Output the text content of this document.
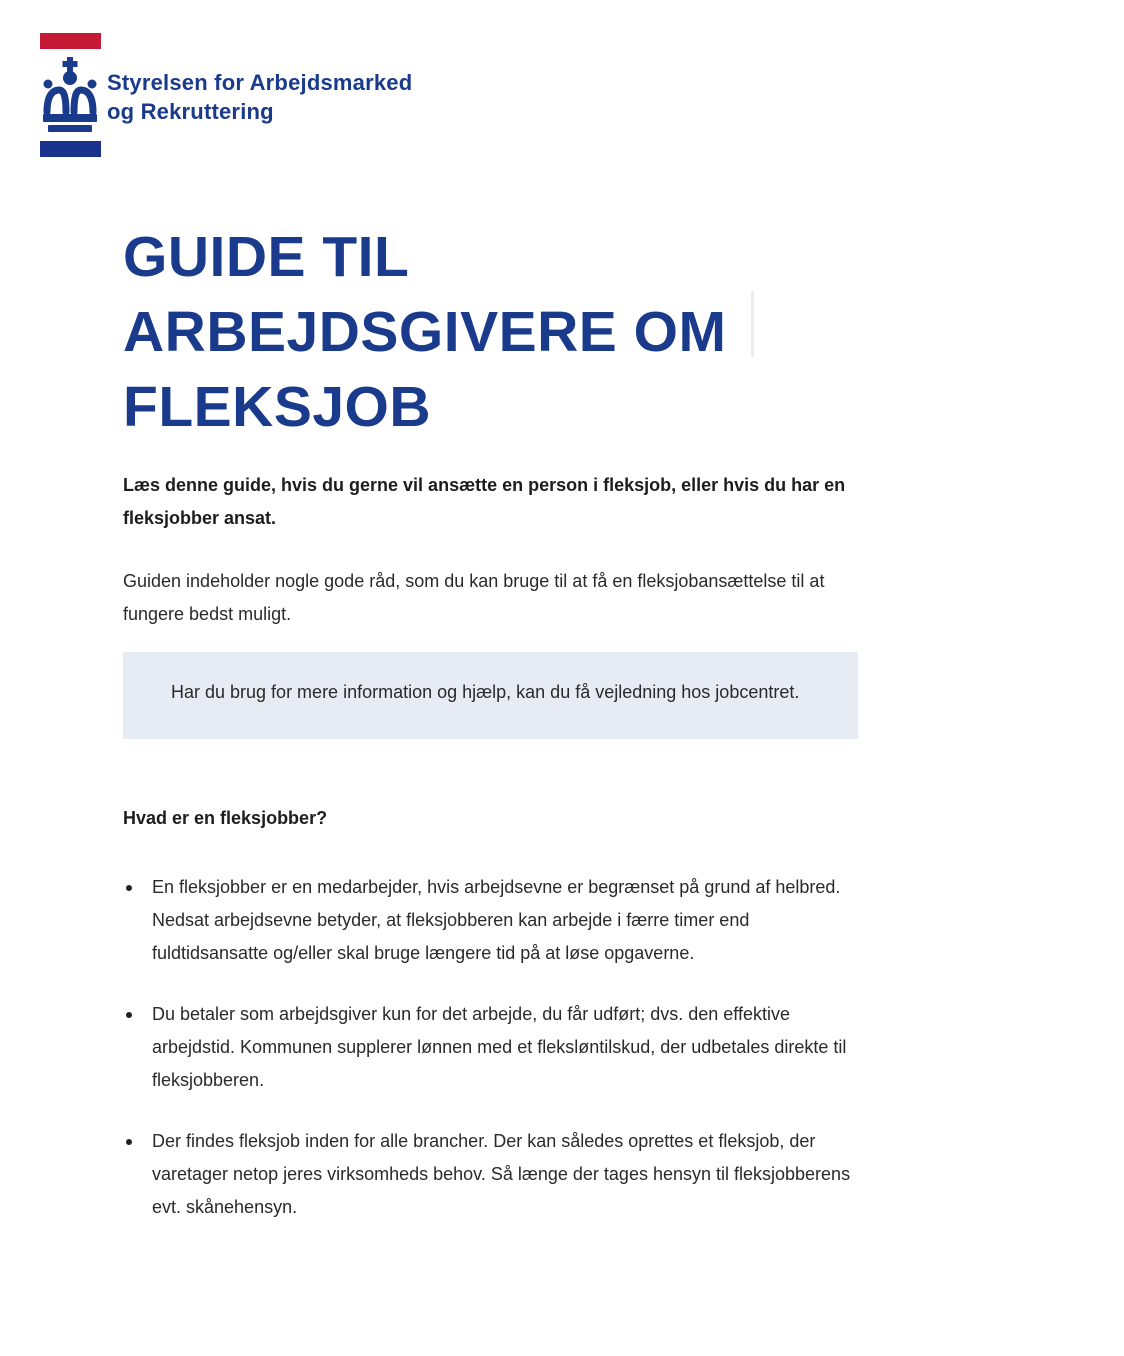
Styrelsen for Arbejdsmarked
og Rekruttering
GUIDE TIL
ARBEJDSGIVERE OM
FLEKSJOB

Læs denne guide, hvis du gerne vil ansætte en person i fleksjob, eller hvis du har en fleksjobber ansat.

Guiden indeholder nogle gode råd, som du kan bruge til at få en fleksjobansættelse til at fungere bedst muligt.

Har du brug for mere information og hjælp, kan du få vejledning hos jobcentret.

Hvad er en fleksjobber?
En fleksjobber er en medarbejder, hvis arbejdsevne er begrænset på grund af helbred. Nedsat arbejdsevne betyder, at fleksjobberen kan arbejde i færre timer end fuldtidsansatte og/eller skal bruge længere tid på at løse opgaverne.
Du betaler som arbejdsgiver kun for det arbejde, du får udført; dvs. den effektive arbejdstid. Kommunen supplerer lønnen med et fleksløntilskud, der udbetales direkte til fleksjobberen.
Der findes fleksjob inden for alle brancher. Der kan således oprettes et fleksjob, der varetager netop jeres virksomheds behov. Så længe der tages hensyn til fleksjobberens evt. skånehensyn.
